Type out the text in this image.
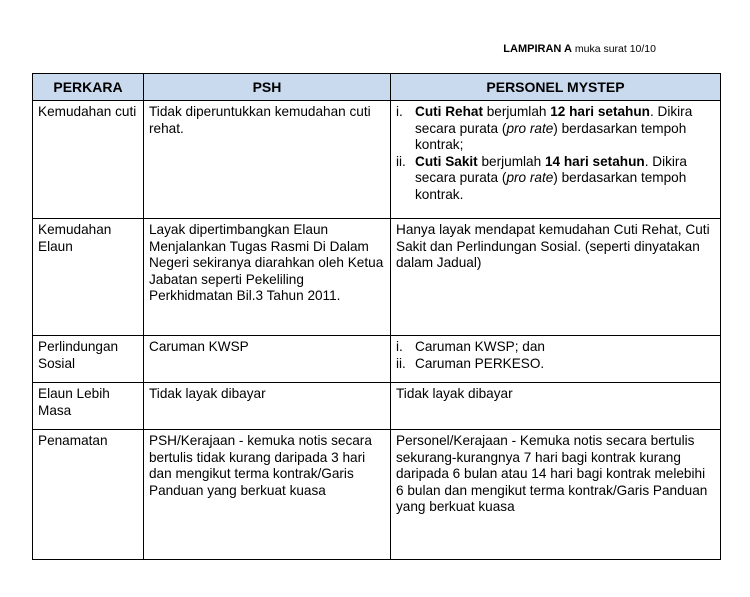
LAMPIRAN A muka surat 10/10
PERKARA	PSH	PERSONEL MYSTEP
Kemudahan cuti	Tidak diperuntukkan kemudahan cuti rehat.	i. Cuti Rehat berjumlah 12 hari setahun. Dikira secara purata (pro rate) berdasarkan tempoh kontrak;
ii. Cuti Sakit berjumlah 14 hari setahun. Dikira secara purata (pro rate) berdasarkan tempoh kontrak.

Kemudahan Elaun	Layak dipertimbangkan Elaun Menjalankan Tugas Rasmi Di Dalam Negeri sekiranya diarahkan oleh Ketua Jabatan seperti Pekeliling Perkhidmatan Bil.3 Tahun 2011.	Hanya layak mendapat kemudahan Cuti Rehat, Cuti Sakit dan Perlindungan Sosial. (seperti dinyatakan dalam Jadual)
Perlindungan Sosial	Caruman KWSP	i. Caruman KWSP; dan
ii. Caruman PERKESO.

Elaun Lebih Masa	Tidak layak dibayar	Tidak layak dibayar
Penamatan	PSH/Kerajaan - kemuka notis secara bertulis tidak kurang daripada 3 hari dan mengikut terma kontrak/Garis Panduan yang berkuat kuasa	Personel/Kerajaan - Kemuka notis secara bertulis sekurang-kurangnya 7 hari bagi kontrak kurang daripada 6 bulan atau 14 hari bagi kontrak melebihi 6 bulan dan mengikut terma kontrak/Garis Panduan yang berkuat kuasa
